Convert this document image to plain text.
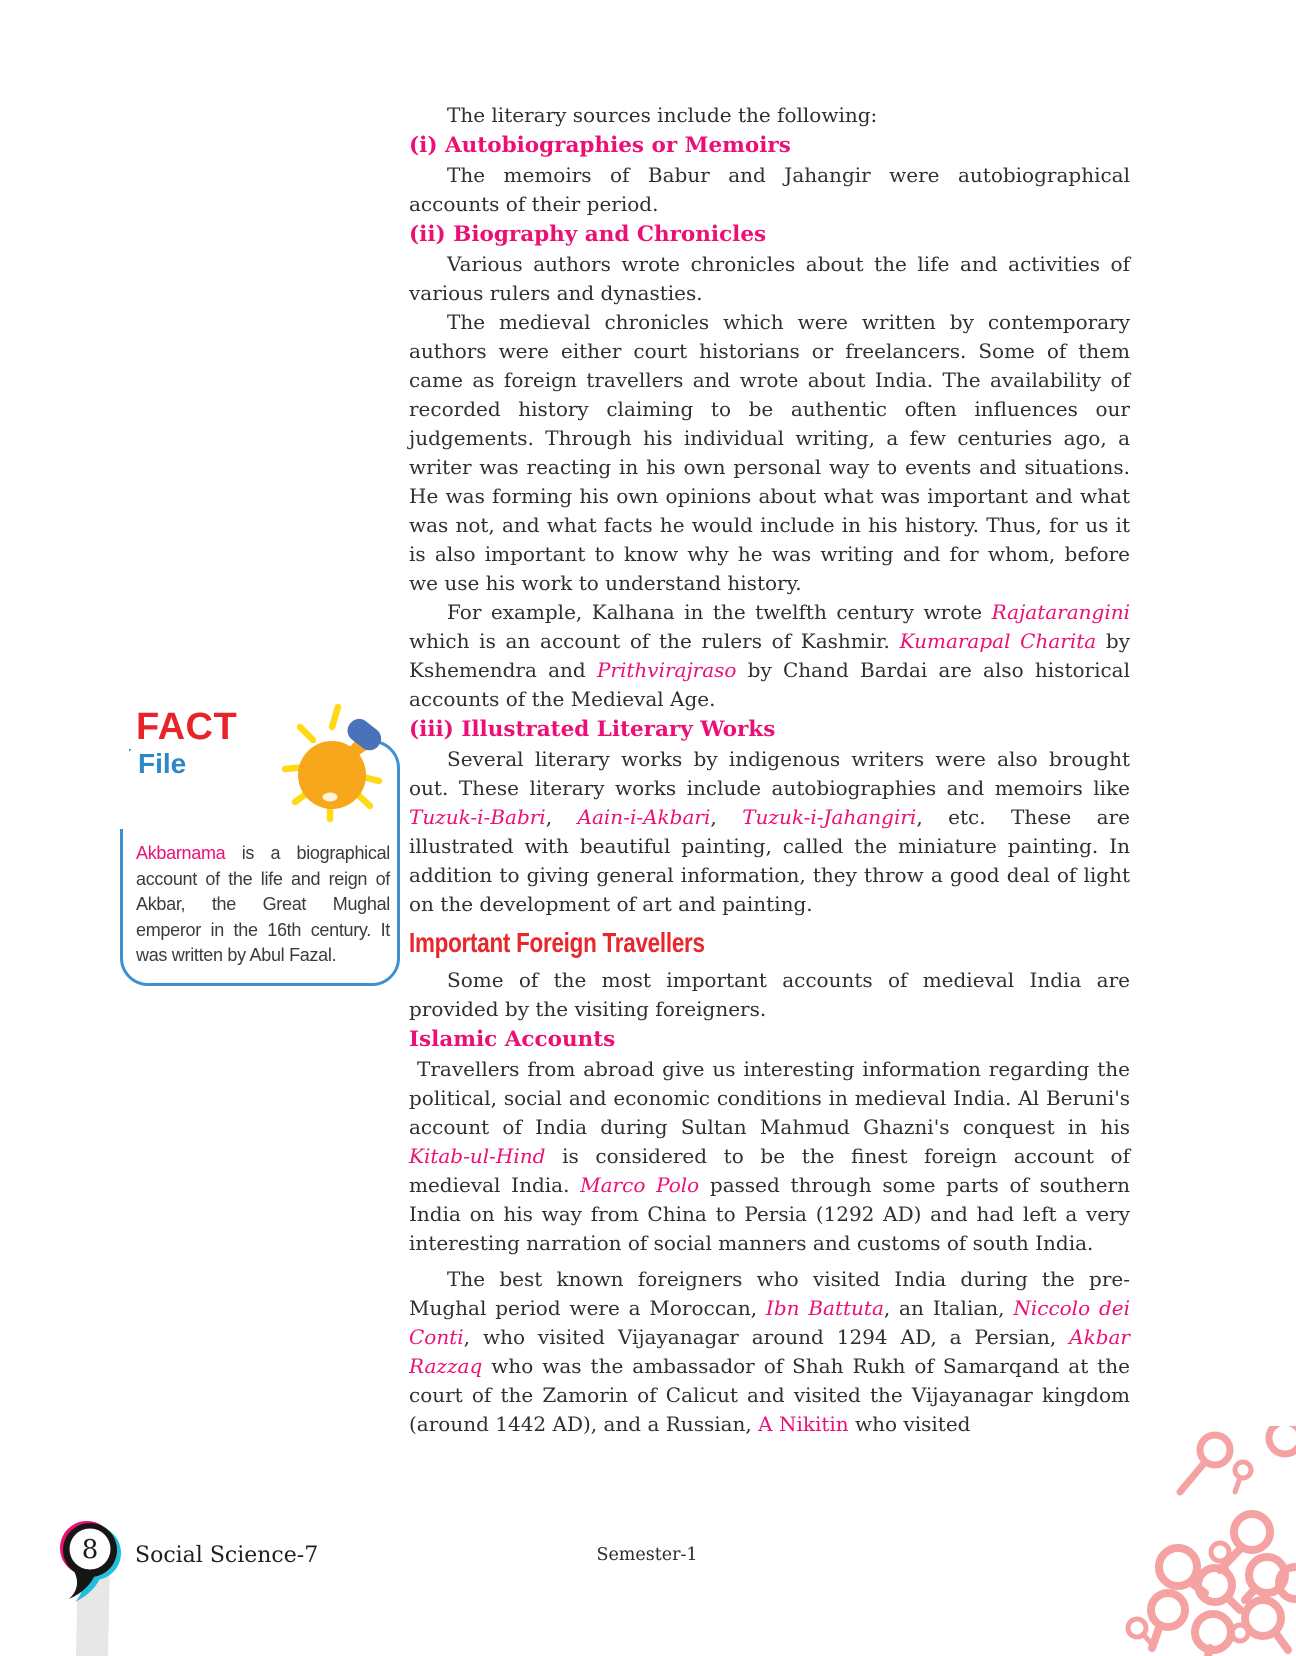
FACT
File
Akbarnama is a biographical account of the life and reign of Akbar, the Great Mughal emperor in the 16th century. It was written by Abul Fazal.

The literary sources include the following:

(i) Autobiographies or Memoirs

The memoirs of Babur and Jahangir were autobiographical accounts of their period.

(ii) Biography and Chronicles

Various authors wrote chronicles about the life and activities of various rulers and dynasties.

The medieval chronicles which were written by contemporary authors were either court historians or freelancers. Some of them came as foreign travellers and wrote about India. The availability of recorded history claiming to be authentic often influences our judgements. Through his individual writing, a few centuries ago, a writer was reacting in his own personal way to events and situations. He was forming his own opinions about what was important and what was not, and what facts he would include in his history. Thus, for us it is also important to know why he was writing and for whom, before we use his work to understand history.

For example, Kalhana in the twelfth century wrote Rajatarangini which is an account of the rulers of Kashmir. Kumarapal Charita by Kshemendra and Prithvirajraso by Chand Bardai are also historical accounts of the Medieval Age.

(iii) Illustrated Literary Works

Several literary works by indigenous writers were also brought out. These literary works include autobiographies and memoirs like Tuzuk-i-Babri, Aain-i-Akbari, Tuzuk-i-Jahangiri, etc. These are illustrated with beautiful painting, called the miniature painting. In addition to giving general information, they throw a good deal of light on the development of art and painting.

Important Foreign Travellers

Some of the most important accounts of medieval India are provided by the visiting foreigners.

Islamic Accounts

Travellers from abroad give us interesting information regarding the political, social and economic conditions in medieval India. Al Beruni's account of India during Sultan Mahmud Ghazni's conquest in his Kitab-ul-Hind is considered to be the finest foreign account of medieval India. Marco Polo passed through some parts of southern India on his way from China to Persia (1292 AD) and had left a very interesting narration of social manners and customs of south India.

The best known foreigners who visited India during the pre-Mughal period were a Moroccan, Ibn Battuta, an Italian, Niccolo dei Conti, who visited Vijayanagar around 1294 AD, a Persian, Akbar Razzaq who was the ambassador of Shah Rukh of Samarqand at the court of the Zamorin of Calicut and visited the Vijayanagar kingdom (around 1442 AD), and a Russian, A Nikitin who visited

8 Social Science-7	Semester-1
